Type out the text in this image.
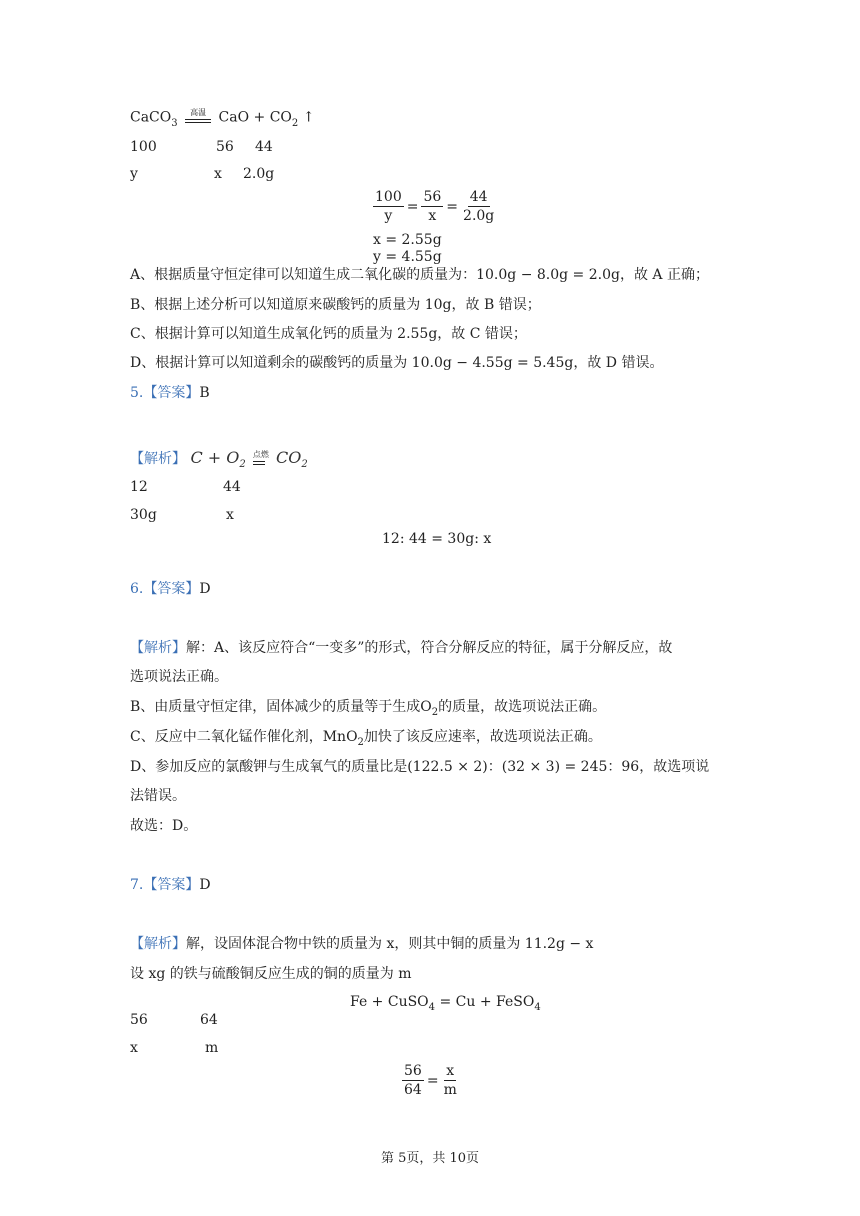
CaCO$_3$ 高温 CaO + $CO_2$ ↑
100	56 44
y	x 2.0g
$\frac{100}{y} = \frac{56}{x} = \frac{44}{2.0g}$
x = 2.55g
y = 4.55g
A、根据质量守恒定律可以知道生成二氧化碳的质量为：10.0g − 8.0g = 2.0g，故 A 正确；
B、根据上述分析可以知道原来碳酸钙的质量为 10g，故 B 错误；
C、根据计算可以知道生成氧化钙的质量为 2.55g，故 C 错误；
D、根据计算可以知道剩余的碳酸钙的质量为 10.0g − 4.55g = 5.45g，故 D 错误。
5.【答案】B
【解析】 $C + O_2$ 点燃 $CO_2$
12	44
30g	x
12: 44 = 30g: x
6.【答案】D
【解析】解：A、该反应符合“一变多”的形式，符合分解反应的特征，属于分解反应，故
选项说法正确。
B、由质量守恒定律，固体减少的质量等于生成$O_2$的质量，故选项说法正确。
C、反应中二氧化锰作催化剂，MnO$_2$加快了该反应速率，故选项说法正确。
D、参加反应的氯酸钾与生成氧气的质量比是(122.5 × 2)：(32 × 3) = 245：96，故选项说
法错误。
故选：D。
7.【答案】D
【解析】解，设固体混合物中铁的质量为 x，则其中铜的质量为 11.2g − x
设 xg 的铁与硫酸铜反应生成的铜的质量为 m
Fe + CuSO$_4$ = Cu + FeSO$_4$
56	64
x	m
$\frac{56}{64} = \frac{x}{m}$
第 5页，共 10页
